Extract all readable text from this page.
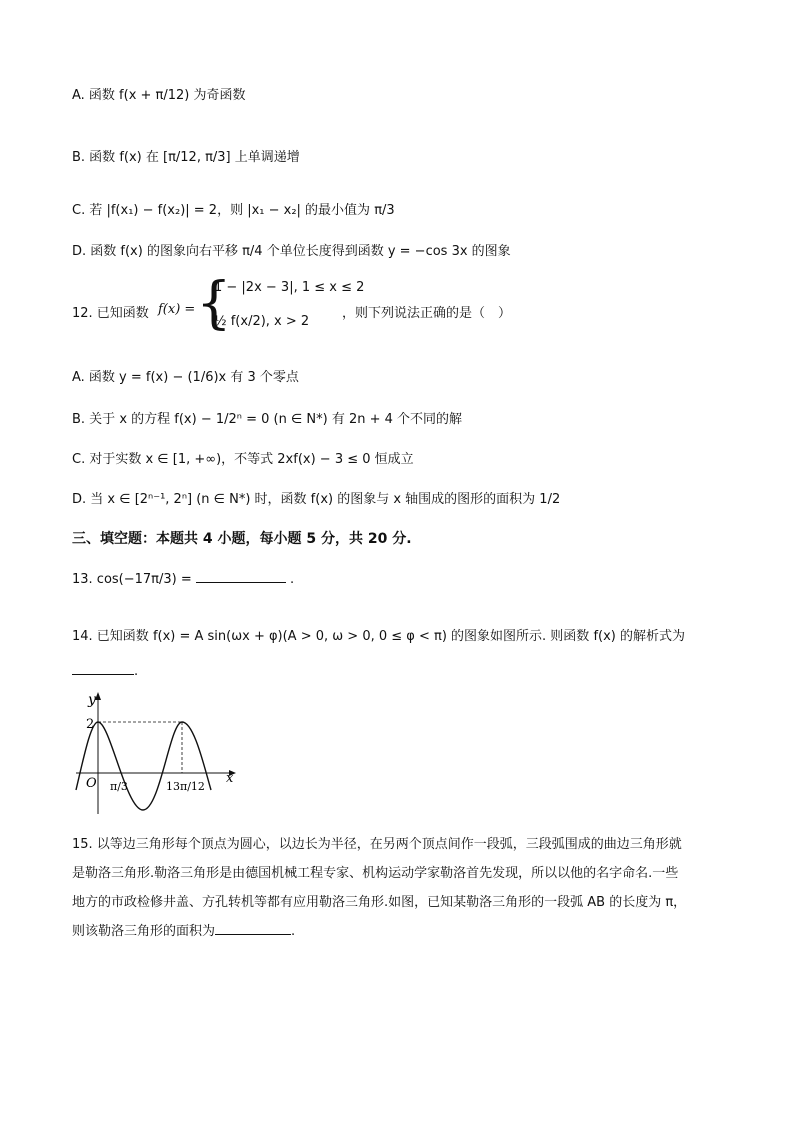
A. 函数 f(x + π/12) 为奇函数
B. 函数 f(x) 在 [π/12, π/3] 上单调递增
C. 若 |f(x₁) − f(x₂)| = 2，则 |x₁ − x₂| 的最小值为 π/3
D. 函数 f(x) 的图象向右平移 π/4 个单位长度得到函数 y = −cos 3x 的图象
12. 已知函数 f(x) = {
1 − |2x − 3|, 1 ≤ x ≤ 2
½ f(x/2), x > 2
，则下列说法正确的是（　）
A. 函数 y = f(x) − (1/6)x 有 3 个零点
B. 关于 x 的方程 f(x) − 1/2ⁿ = 0 (n ∈ N*) 有 2n + 4 个不同的解
C. 对于实数 x ∈ [1, +∞)，不等式 2xf(x) − 3 ≤ 0 恒成立
D. 当 x ∈ [2ⁿ⁻¹, 2ⁿ] (n ∈ N*) 时，函数 f(x) 的图象与 x 轴围成的图形的面积为 1/2
三、填空题：本题共 4 小题，每小题 5 分，共 20 分.
13. cos(−17π/3) =	.
14. 已知函数 f(x) = A sin(ωx + φ)(A > 0, ω > 0, 0 ≤ φ < π) 的图象如图所示. 则函数 f(x) 的解析式为
.
y
x
O
2
π/3	13π/12
15. 以等边三角形每个顶点为圆心，以边长为半径，在另两个顶点间作一段弧，三段弧围成的曲边三角形就
是勒洛三角形.勒洛三角形是由德国机械工程专家、机构运动学家勒洛首先发现，所以以他的名字命名.一些
地方的市政检修井盖、方孔转机等都有应用勒洛三角形.如图，已知某勒洛三角形的一段弧 AB 的长度为 π，
则该勒洛三角形的面积为	.
